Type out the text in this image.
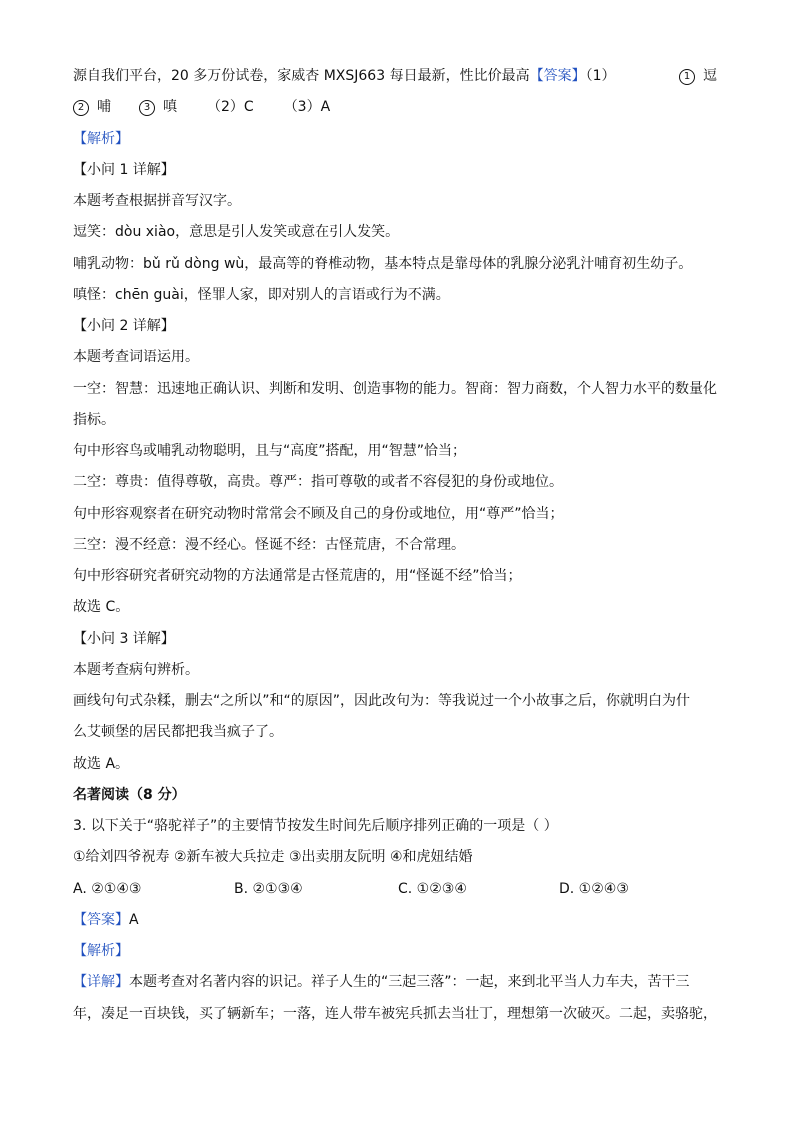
源自我们平台，20 多万份试卷，家威杏 MXSJ663 每日最新，性比价最高【答案】（1）	1 逗
2 哺	3 嗔 （2）C （3）A
【解析】
【小问 1 详解】
本题考查根据拼音写汉字。
逗笑：dòu xiào，意思是引人发笑或意在引人发笑。
哺乳动物：bǔ rǔ dòng wù，最高等的脊椎动物，基本特点是靠母体的乳腺分泌乳汁哺育初生幼子。
嗔怪：chēn guài，怪罪人家，即对别人的言语或行为不满。
【小问 2 详解】
本题考查词语运用。
一空：智慧：迅速地正确认识、判断和发明、创造事物的能力。智商：智力商数，个人智力水平的数量化
指标。
句中形容鸟或哺乳动物聪明，且与“高度”搭配，用“智慧”恰当；
二空：尊贵：值得尊敬，高贵。尊严：指可尊敬的或者不容侵犯的身份或地位。
句中形容观察者在研究动物时常常会不顾及自己的身份或地位，用“尊严”恰当；
三空：漫不经意：漫不经心。怪诞不经：古怪荒唐，不合常理。
句中形容研究者研究动物的方法通常是古怪荒唐的，用“怪诞不经”恰当；
故选 C。
【小问 3 详解】
本题考查病句辨析。
画线句句式杂糅，删去“之所以”和“的原因”，因此改句为：等我说过一个小故事之后，你就明白为什
么艾顿堡的居民都把我当疯子了。
故选 A。
名著阅读（8 分）
3. 以下关于“骆驼祥子”的主要情节按发生时间先后顺序排列正确的一项是（ ）
①给刘四爷祝寿 ②新车被大兵拉走 ③出卖朋友阮明 ④和虎妞结婚
A. ②①④③	B. ②①③④	C. ①②③④	D. ①②④③
【答案】A
【解析】
【详解】本题考查对名著内容的识记。祥子人生的“三起三落”：一起，来到北平当人力车夫，苦干三
年，凑足一百块钱，买了辆新车；一落，连人带车被宪兵抓去当壮丁，理想第一次破灭。二起，卖骆驼，
